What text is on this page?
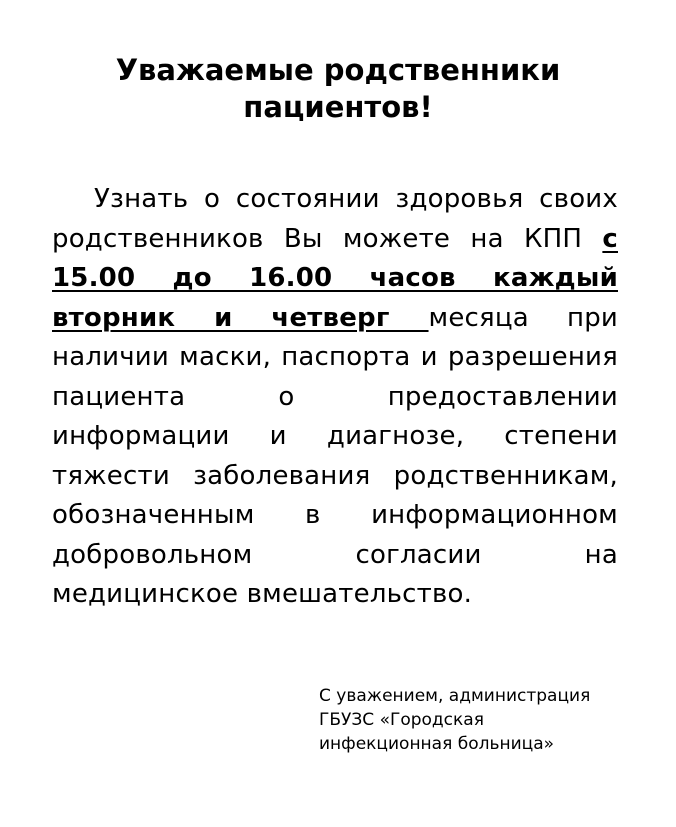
Уважаемые родственники
пациентов!

Узнать о состоянии здоровья своих родственников Вы можете на КПП с 15.00 до 16.00 часов каждый вторник и четверг месяца при наличии маски, паспорта и разрешения пациента о предоставлении информации и диагнозе, степени тяжести заболевания родственникам, обозначенным в информационном добровольном согласии на медицинское вмешательство.

С уважением, администрация
ГБУЗС «Городская
инфекционная больница»
